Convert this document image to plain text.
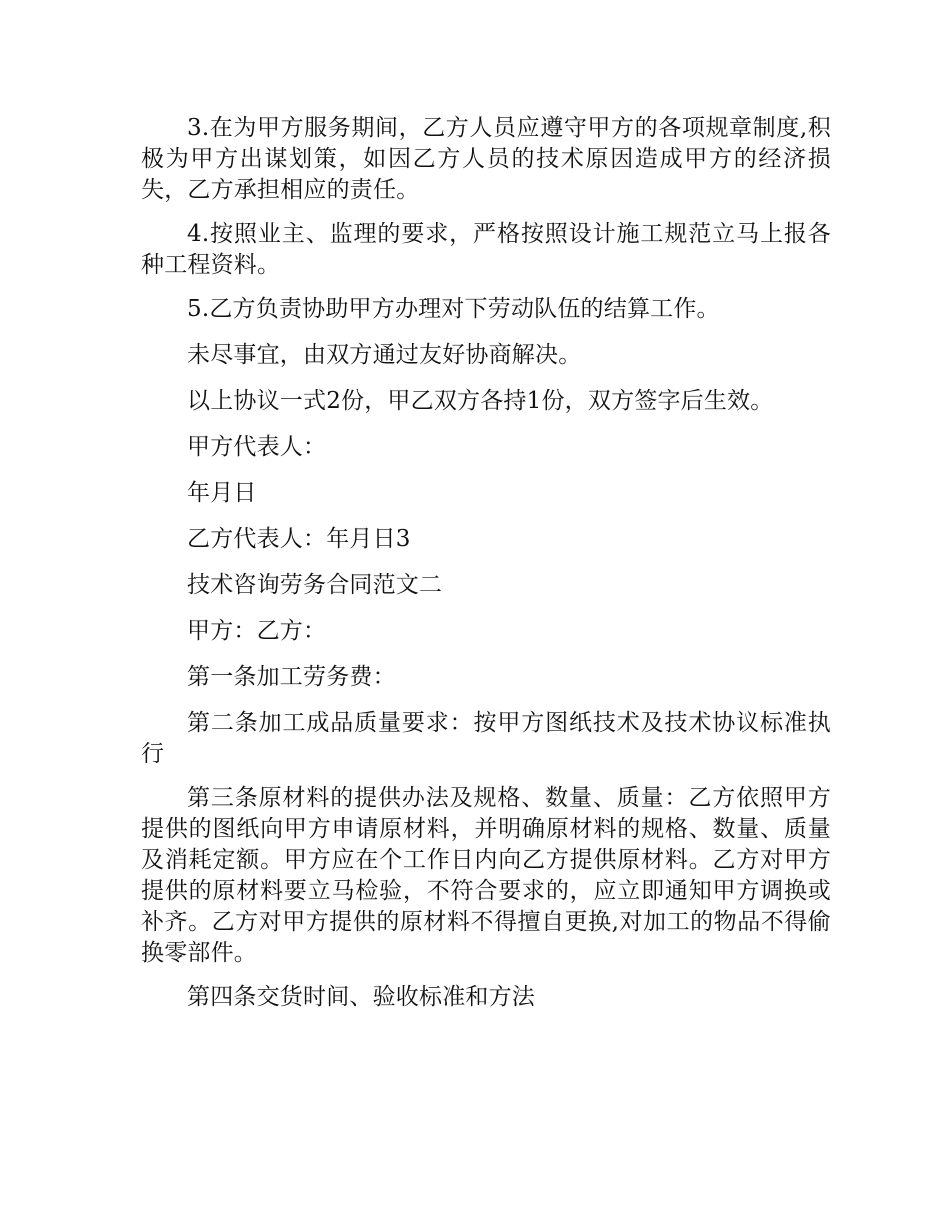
3.在为甲方服务期间，乙方人员应遵守甲方的各项规章制度,积极为甲方出谋划策，如因乙方人员的技术原因造成甲方的经济损失，乙方承担相应的责任。

4.按照业主、监理的要求，严格按照设计施工规范立马上报各种工程资料。

5.乙方负责协助甲方办理对下劳动队伍的结算工作。

未尽事宜，由双方通过友好协商解决。

以上协议一式2份，甲乙双方各持1份，双方签字后生效。

甲方代表人：

年月日

乙方代表人：年月日3

技术咨询劳务合同范文二

甲方：乙方：

第一条加工劳务费：

第二条加工成品质量要求：按甲方图纸技术及技术协议标准执行

第三条原材料的提供办法及规格、数量、质量：乙方依照甲方提供的图纸向甲方申请原材料，并明确原材料的规格、数量、质量及消耗定额。甲方应在个工作日内向乙方提供原材料。乙方对甲方提供的原材料要立马检验，不符合要求的，应立即通知甲方调换或补齐。乙方对甲方提供的原材料不得擅自更换,对加工的物品不得偷换零部件。

第四条交货时间、验收标准和方法
